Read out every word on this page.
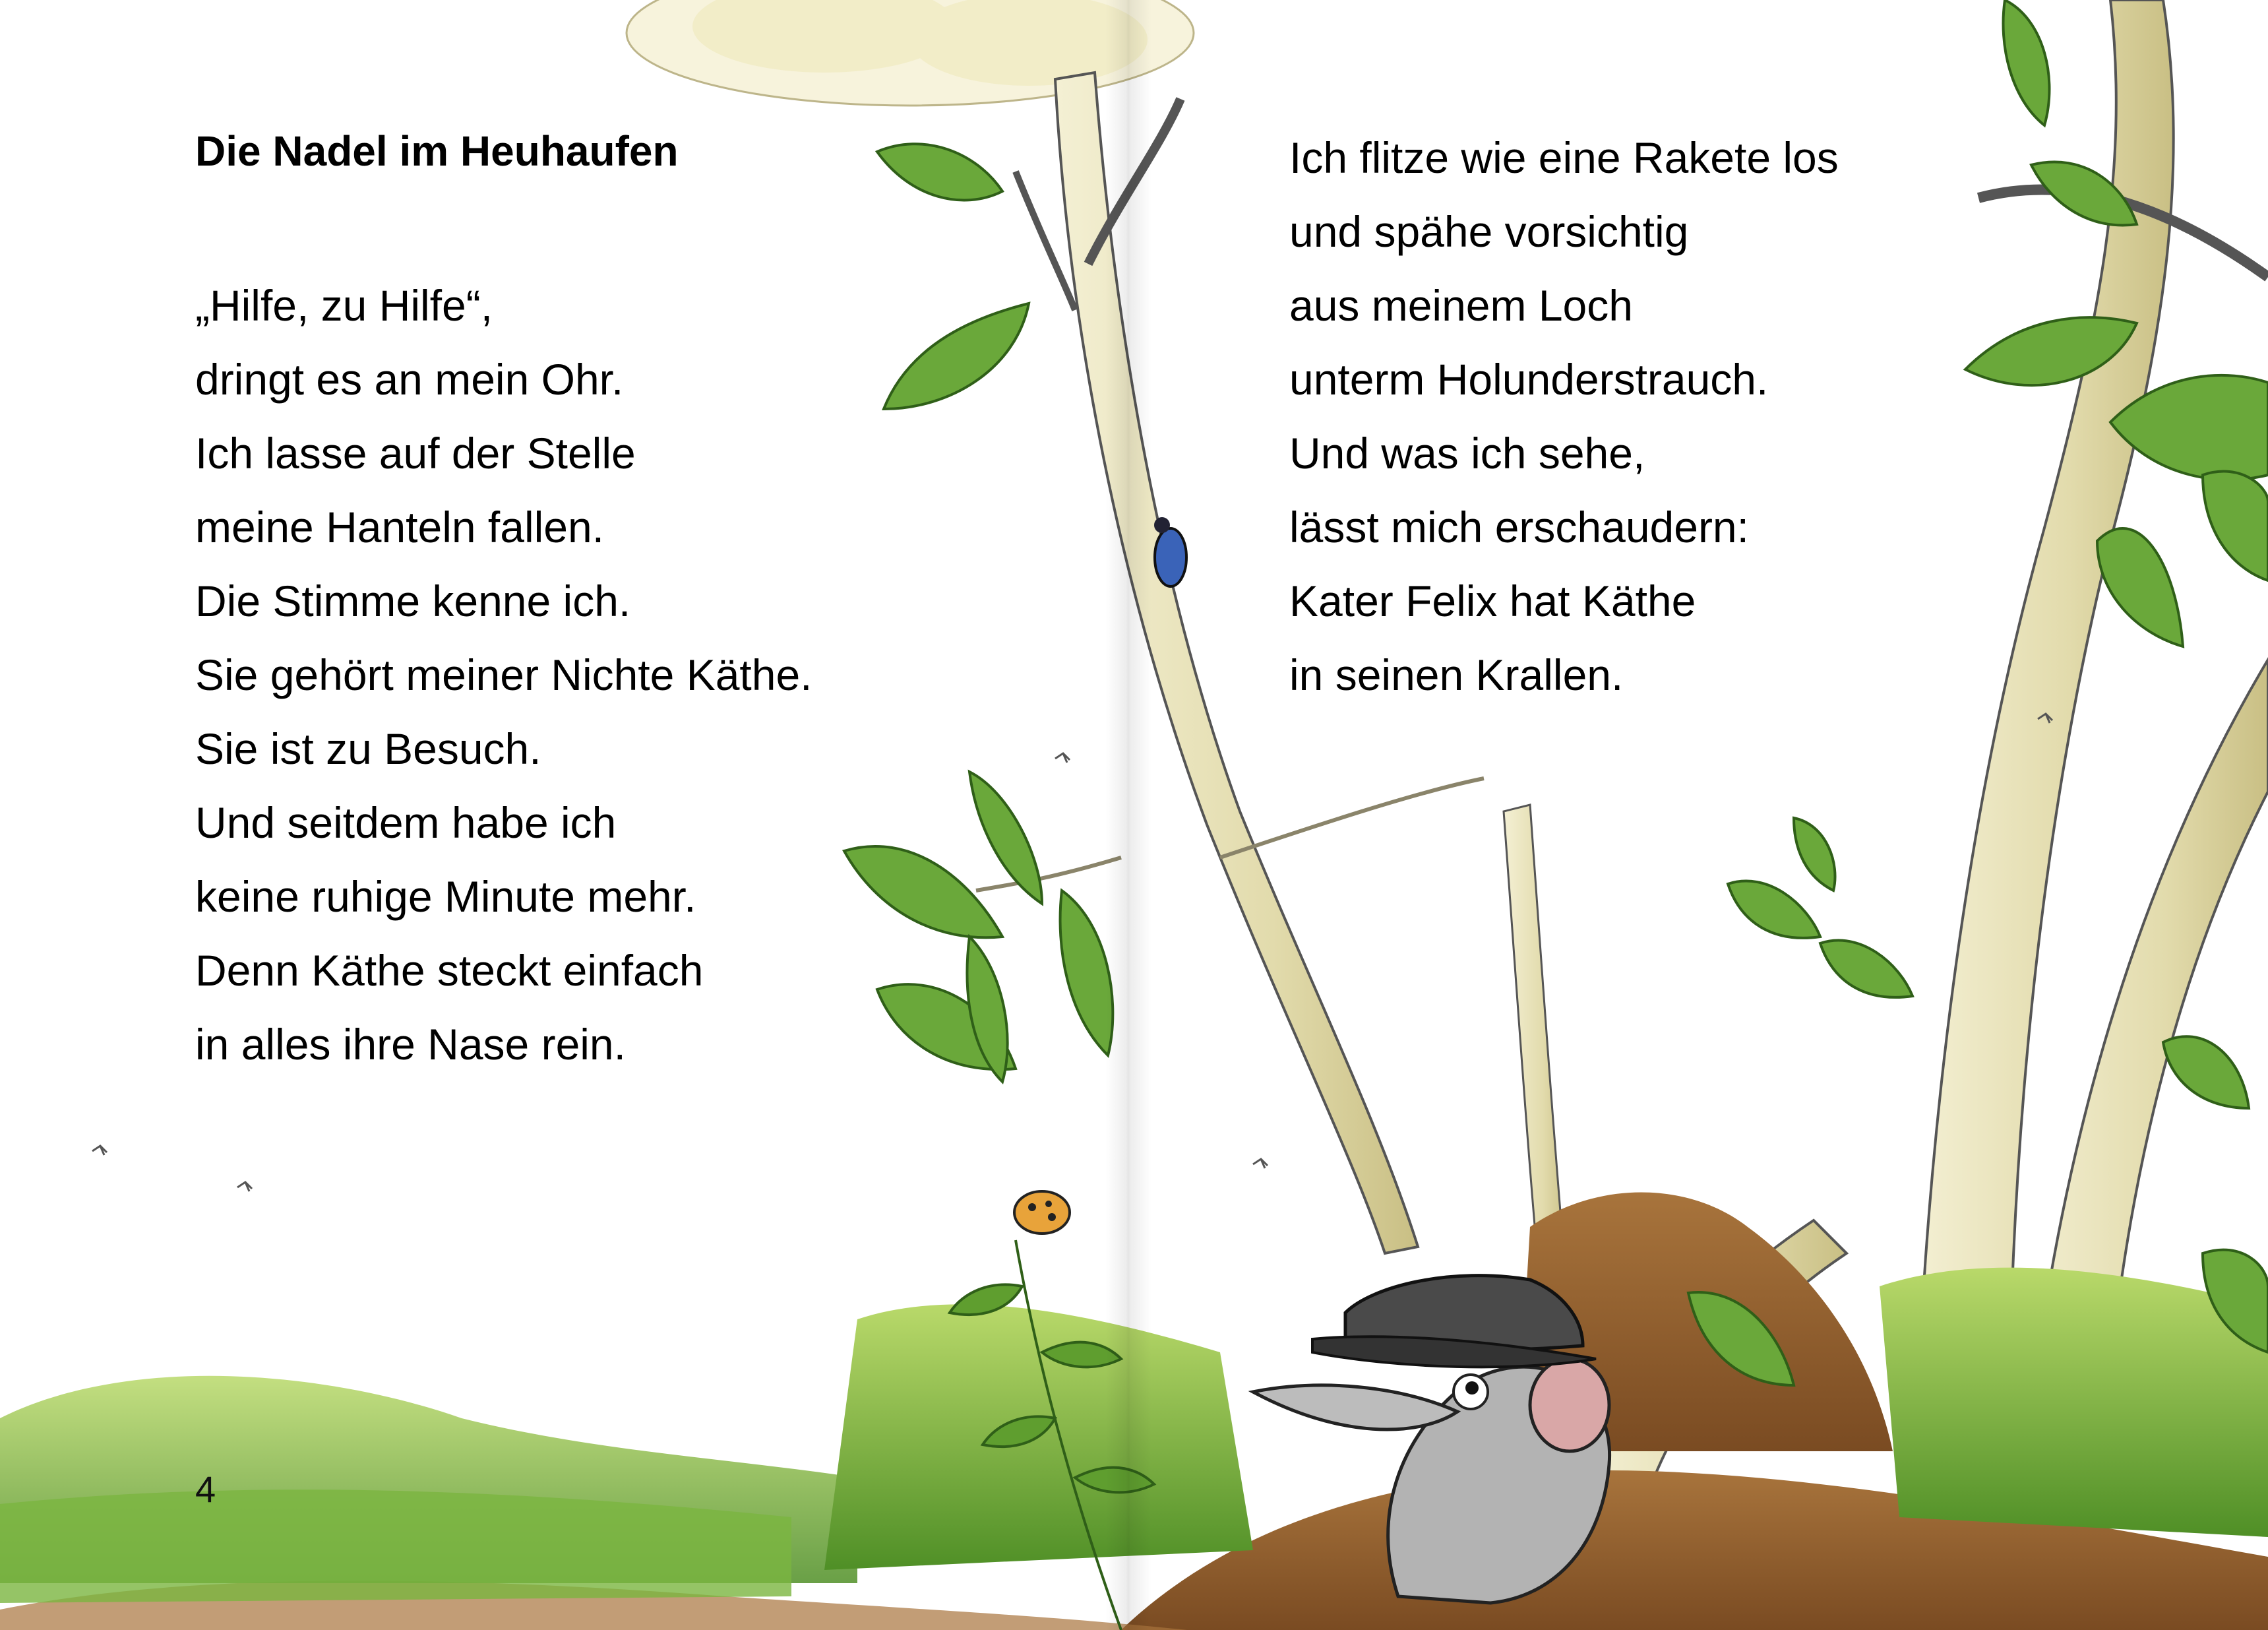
Die Nadel im Heuhaufen
„Hilfe, zu Hilfe“,
dringt es an mein Ohr.
Ich lasse auf der Stelle
meine Hanteln fallen.
Die Stimme kenne ich.
Sie gehört meiner Nichte Käthe.
Sie ist zu Besuch.
Und seitdem habe ich
keine ruhige Minute mehr.
Denn Käthe steckt einfach
in alles ihre Nase rein.
Ich flitze wie eine Rakete los
und spähe vorsichtig
aus meinem Loch
unterm Holunderstrauch.
Und was ich sehe,
lässt mich erschaudern:
Kater Felix hat Käthe
in seinen Krallen.
4
